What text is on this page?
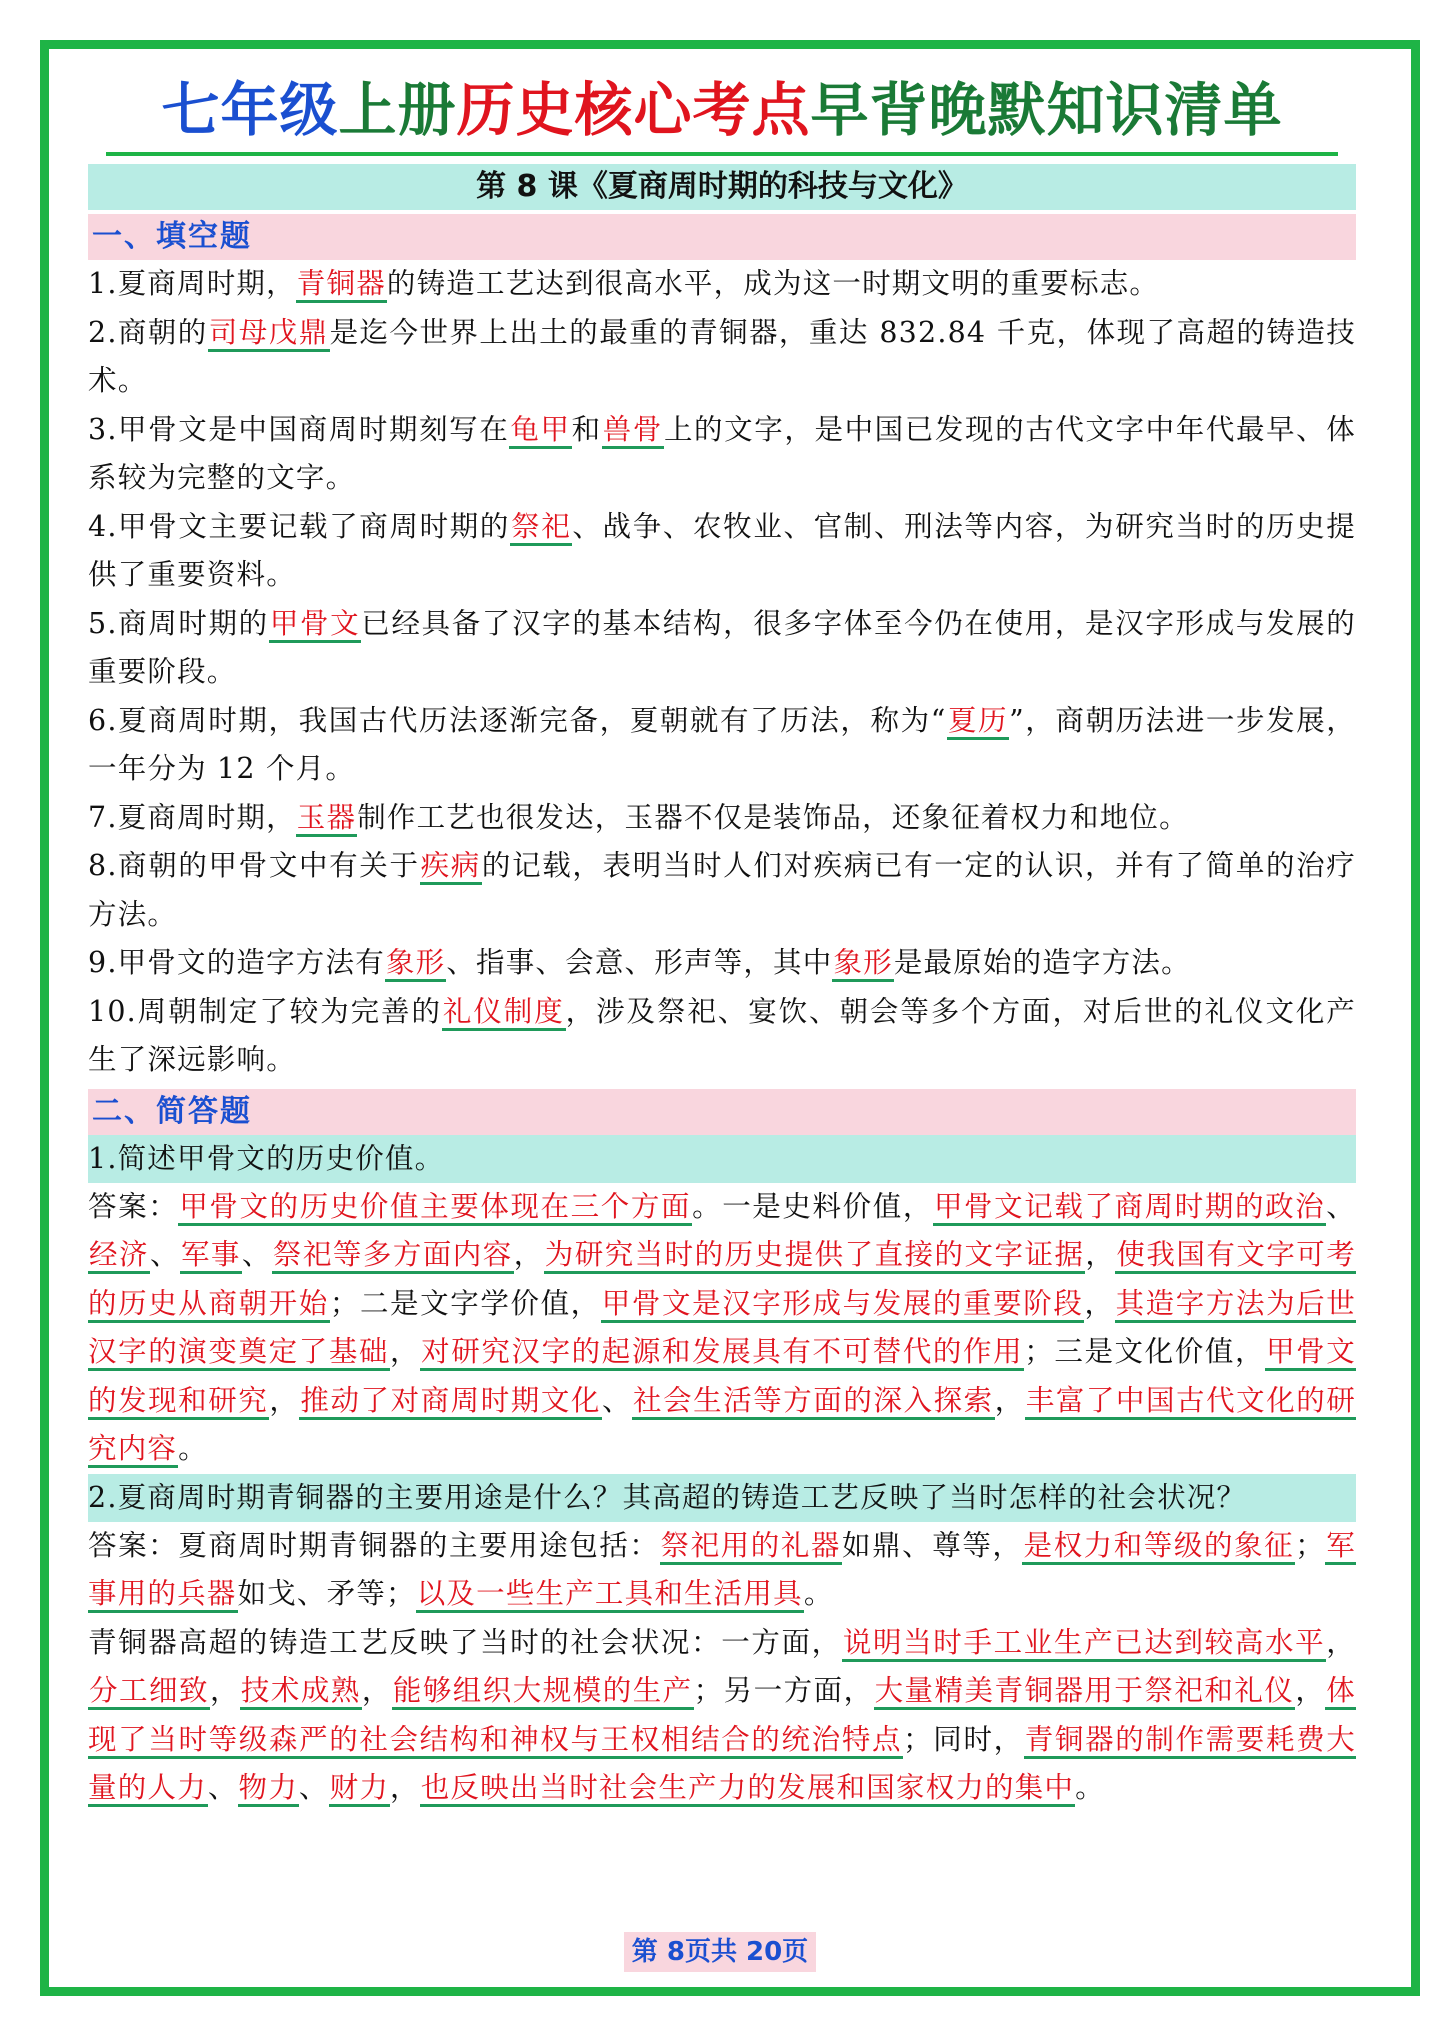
七年级上册历史核心考点早背晚默知识清单
第 8 课《夏商周时期的科技与文化》
一、填空题
1.夏商周时期，青铜器的铸造工艺达到很高水平，成为这一时期文明的重要标志。
2.商朝的司母戊鼎是迄今世界上出土的最重的青铜器，重达 832.84 千克，体现了高超的铸造技术。
3.甲骨文是中国商周时期刻写在龟甲和兽骨上的文字，是中国已发现的古代文字中年代最早、体系较为完整的文字。
4.甲骨文主要记载了商周时期的祭祀、战争、农牧业、官制、刑法等内容，为研究当时的历史提供了重要资料。
5.商周时期的甲骨文已经具备了汉字的基本结构，很多字体至今仍在使用，是汉字形成与发展的重要阶段。
6.夏商周时期，我国古代历法逐渐完备，夏朝就有了历法，称为“夏历”，商朝历法进一步发展，一年分为 12 个月。
7.夏商周时期，玉器制作工艺也很发达，玉器不仅是装饰品，还象征着权力和地位。
8.商朝的甲骨文中有关于疾病的记载，表明当时人们对疾病已有一定的认识，并有了简单的治疗方法。
9.甲骨文的造字方法有象形、指事、会意、形声等，其中象形是最原始的造字方法。
10.周朝制定了较为完善的礼仪制度，涉及祭祀、宴饮、朝会等多个方面，对后世的礼仪文化产生了深远影响。
二、简答题
1.简述甲骨文的历史价值。
答案：甲骨文的历史价值主要体现在三个方面。一是史料价值，甲骨文记载了商周时期的政治、经济、军事、祭祀等多方面内容，为研究当时的历史提供了直接的文字证据，使我国有文字可考的历史从商朝开始；二是文字学价值，甲骨文是汉字形成与发展的重要阶段，其造字方法为后世汉字的演变奠定了基础，对研究汉字的起源和发展具有不可替代的作用；三是文化价值，甲骨文的发现和研究，推动了对商周时期文化、社会生活等方面的深入探索，丰富了中国古代文化的研究内容。
2.夏商周时期青铜器的主要用途是什么？其高超的铸造工艺反映了当时怎样的社会状况？
答案：夏商周时期青铜器的主要用途包括：祭祀用的礼器如鼎、尊等，是权力和等级的象征；军事用的兵器如戈、矛等；以及一些生产工具和生活用具。
青铜器高超的铸造工艺反映了当时的社会状况：一方面，说明当时手工业生产已达到较高水平，分工细致，技术成熟，能够组织大规模的生产；另一方面，大量精美青铜器用于祭祀和礼仪，体现了当时等级森严的社会结构和神权与王权相结合的统治特点；同时，青铜器的制作需要耗费大量的人力、物力、财力，也反映出当时社会生产力的发展和国家权力的集中。
第 8页共 20页
